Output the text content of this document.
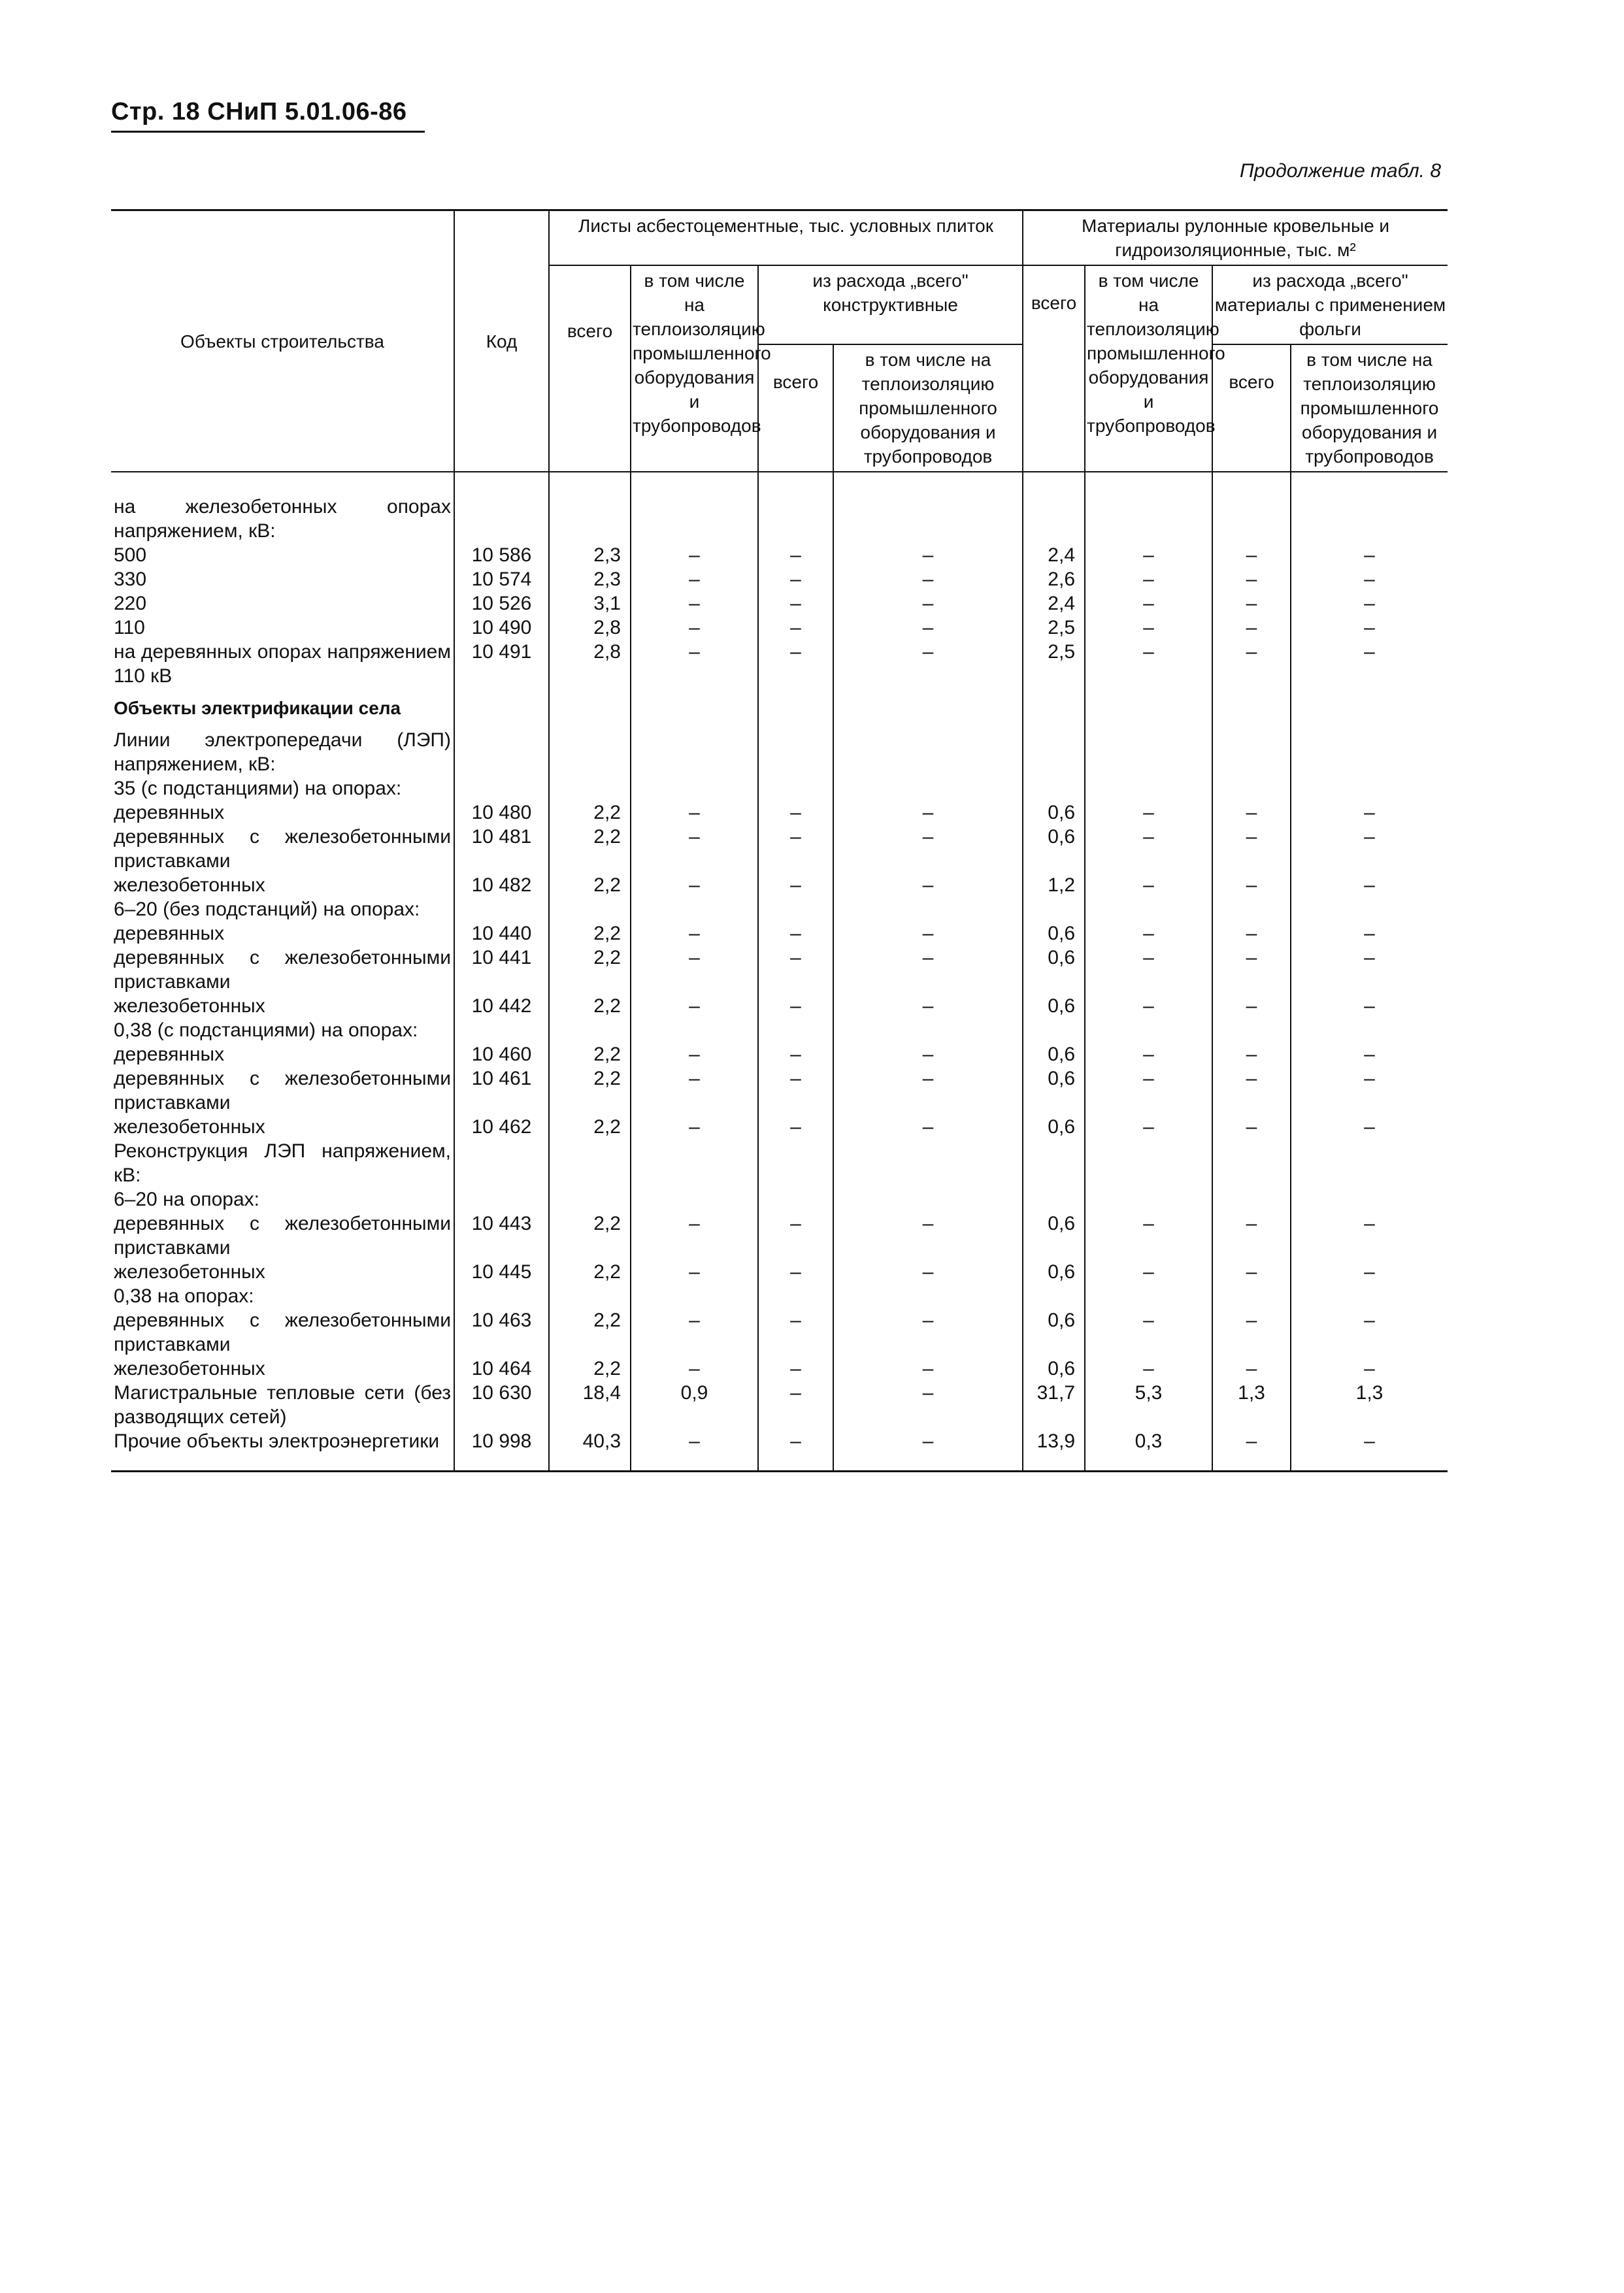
Стр. 18 СНиП 5.01.06-86
Продолжение табл. 8
Объекты строительства	Код	Листы асбестоцементные, тыс. условных плиток				Материалы рулонные кровельные и гидроизоляционные, тыс. м²			
		всего	в том числе на теплоизоляцию промышленного оборудования и трубопроводов	из расхода „всего" конструктивные		всего	в том числе на теплоизоляцию промышленного оборудования и трубопроводов	из расхода „всего" материалы с применением фольги	
				всего	в том числе на теплоизоляцию промышленного оборудования и трубопроводов			всего	в том числе на теплоизоляцию промышленного оборудования и трубопроводов

на железобетонных опорах напряжением, кВ:									
500	10 586	2,3	–	–	–	2,4	–	–	–
330	10 574	2,3	–	–	–	2,6	–	–	–
220	10 526	3,1	–	–	–	2,4	–	–	–
110	10 490	2,8	–	–	–	2,5	–	–	–
на деревянных опорах напряжением 110 кВ	10 491	2,8	–	–	–	2,5	–	–	–
Объекты электрификации села									
Линии электропередачи (ЛЭП) напряжением, кВ:									
35 (с подстанциями) на опорах:									
деревянных	10 480	2,2	–	–	–	0,6	–	–	–
деревянных с железобетонными приставками	10 481	2,2	–	–	–	0,6	–	–	–
железобетонных	10 482	2,2	–	–	–	1,2	–	–	–
6–20 (без подстанций) на опорах:									
деревянных	10 440	2,2	–	–	–	0,6	–	–	–
деревянных с железобетонными приставками	10 441	2,2	–	–	–	0,6	–	–	–
железобетонных	10 442	2,2	–	–	–	0,6	–	–	–
0,38 (с подстанциями) на опорах:									
деревянных	10 460	2,2	–	–	–	0,6	–	–	–
деревянных с железобетонными приставками	10 461	2,2	–	–	–	0,6	–	–	–
железобетонных	10 462	2,2	–	–	–	0,6	–	–	–
Реконструкция ЛЭП напряжением, кВ:									
6–20 на опорах:									
деревянных с железобетонными приставками	10 443	2,2	–	–	–	0,6	–	–	–
железобетонных	10 445	2,2	–	–	–	0,6	–	–	–
0,38 на опорах:									
деревянных с железобетонными приставками	10 463	2,2	–	–	–	0,6	–	–	–
железобетонных	10 464	2,2	–	–	–	0,6	–	–	–
Магистральные тепловые сети (без разводящих сетей)	10 630	18,4	0,9	–	–	31,7	5,3	1,3	1,3
Прочие объекты электроэнергетики	10 998	40,3	–	–	–	13,9	0,3	–	–
